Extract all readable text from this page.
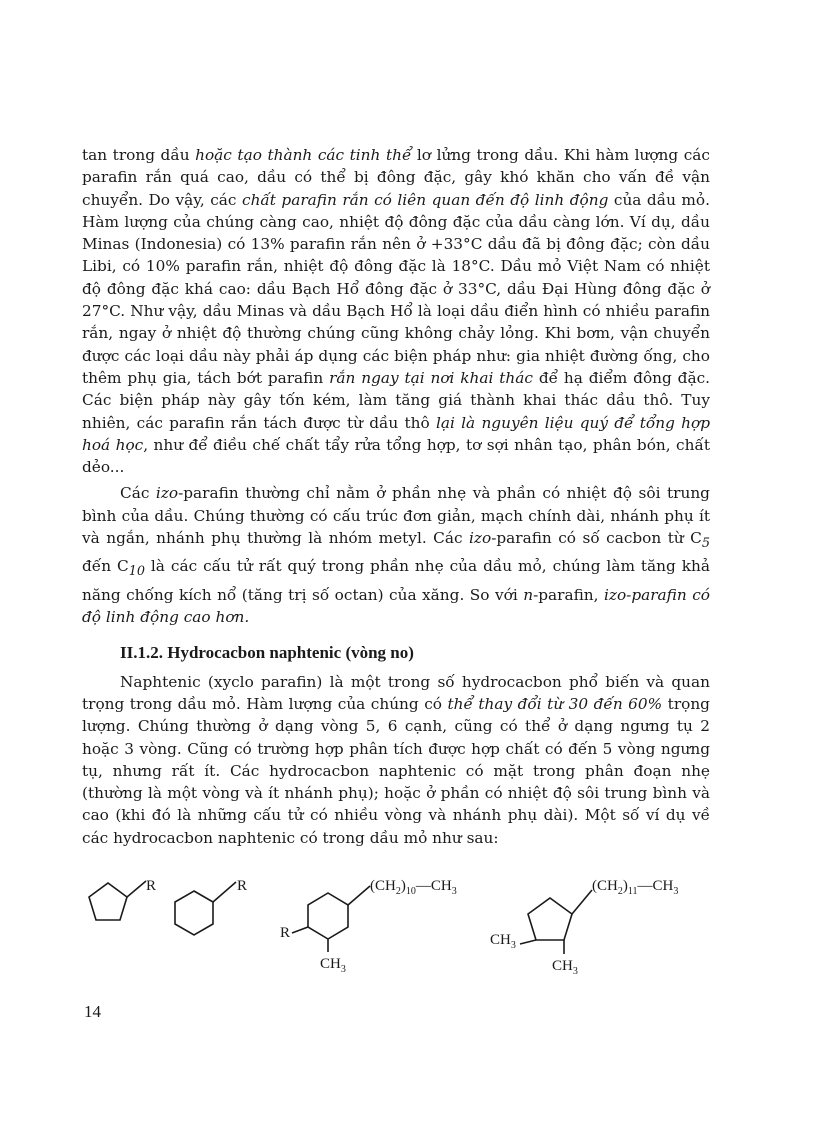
tan trong dầu hoặc tạo thành các tinh thể lơ lửng trong dầu. Khi hàm lượng các parafin rắn quá cao, dầu có thể bị đông đặc, gây khó khăn cho vấn đề vận chuyển. Do vậy, các chất parafin rắn có liên quan đến độ linh động của dầu mỏ. Hàm lượng của chúng càng cao, nhiệt độ đông đặc của dầu càng lớn. Ví dụ, dầu Minas (Indonesia) có 13% parafin rắn nên ở +33°C dầu đã bị đông đặc; còn dầu Libi, có 10% parafin rắn, nhiệt độ đông đặc là 18°C. Dầu mỏ Việt Nam có nhiệt độ đông đặc khá cao: dầu Bạch Hổ đông đặc ở 33°C, dầu Đại Hùng đông đặc ở 27°C. Như vậy, dầu Minas và dầu Bạch Hổ là loại dầu điển hình có nhiều parafin rắn, ngay ở nhiệt độ thường chúng cũng không chảy lỏng. Khi bơm, vận chuyển được các loại dầu này phải áp dụng các biện pháp như: gia nhiệt đường ống, cho thêm phụ gia, tách bớt parafin rắn ngay tại nơi khai thác để hạ điểm đông đặc. Các biện pháp này gây tốn kém, làm tăng giá thành khai thác dầu thô. Tuy nhiên, các parafin rắn tách được từ dầu thô lại là nguyên liệu quý để tổng hợp hoá học, như để điều chế chất tẩy rửa tổng hợp, tơ sợi nhân tạo, phân bón, chất dẻo...

Các izo-parafin thường chỉ nằm ở phần nhẹ và phần có nhiệt độ sôi trung bình của dầu. Chúng thường có cấu trúc đơn giản, mạch chính dài, nhánh phụ ít và ngắn, nhánh phụ thường là nhóm metyl. Các izo-parafin có số cacbon từ $C_5$ đến $C_{10}$ là các cấu tử rất quý trong phần nhẹ của dầu mỏ, chúng làm tăng khả năng chống kích nổ (tăng trị số octan) của xăng. So với n-parafin, izo-parafin có độ linh động cao hơn.

II.1.2. Hydrocacbon naphtenic (vòng no)

Naphtenic (xyclo parafin) là một trong số hydrocacbon phổ biến và quan trọng trong dầu mỏ. Hàm lượng của chúng có thể thay đổi từ 30 đến 60% trọng lượng. Chúng thường ở dạng vòng 5, 6 cạnh, cũng có thể ở dạng ngưng tụ 2 hoặc 3 vòng. Cũng có trường hợp phân tích được hợp chất có đến 5 vòng ngưng tụ, nhưng rất ít. Các hydrocacbon naphtenic có mặt trong phân đoạn nhẹ (thường là một vòng và ít nhánh phụ); hoặc ở phần có nhiệt độ sôi trung bình và cao (khi đó là những cấu tử có nhiều vòng và nhánh phụ dài). Một số ví dụ về các hydrocacbon naphtenic có trong dầu mỏ như sau:

R	R	$(CH_2)_{10}—CH_3$
R
$CH_3$
$(CH_2)_{11}—CH_3$
$CH_3$
$CH_3$
14
